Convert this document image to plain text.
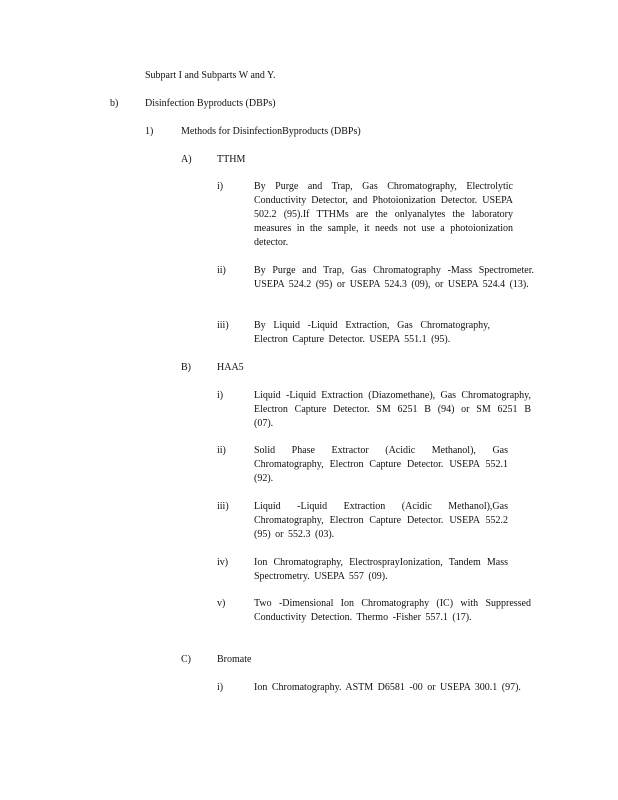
Subpart I and Subparts W and Y.
b)	Disinfection Byproducts (DBPs)
1)	Methods for DisinfectionByproducts (DBPs)
A)	TTHM
i)	By Purge and Trap, Gas Chromatography, Electrolytic Conductivity Detector, and Photoionization Detector. USEPA 502.2 (95).If TTHMs are the onlyanalytes the laboratory measures in the sample, it needs not use a photoionization detector.
ii)	By Purge and Trap, Gas Chromatography -Mass Spectrometer. USEPA 524.2 (95) or USEPA 524.3 (09), or USEPA 524.4 (13).
iii)	By Liquid -Liquid Extraction, Gas Chromatography, Electron Capture Detector. USEPA 551.1 (95).
B)	HAA5
i)	Liquid -Liquid Extraction (Diazomethane), Gas Chromatography, Electron Capture Detector. SM 6251 B (94) or SM 6251 B (07).
ii)	Solid Phase Extractor (Acidic Methanol), Gas Chromatography, Electron Capture Detector. USEPA 552.1 (92).
iii)	Liquid -Liquid Extraction (Acidic Methanol),Gas Chromatography, Electron Capture Detector. USEPA 552.2 (95) or 552.3 (03).
iv)	Ion Chromatography, ElectrosprayIonization, Tandem Mass Spectrometry. USEPA 557 (09).
v)	Two -Dimensional Ion Chromatography (IC) with Suppressed Conductivity Detection. Thermo -Fisher 557.1 (17).
C)	Bromate
i)	Ion Chromatography. ASTM D6581 -00 or USEPA 300.1 (97).
